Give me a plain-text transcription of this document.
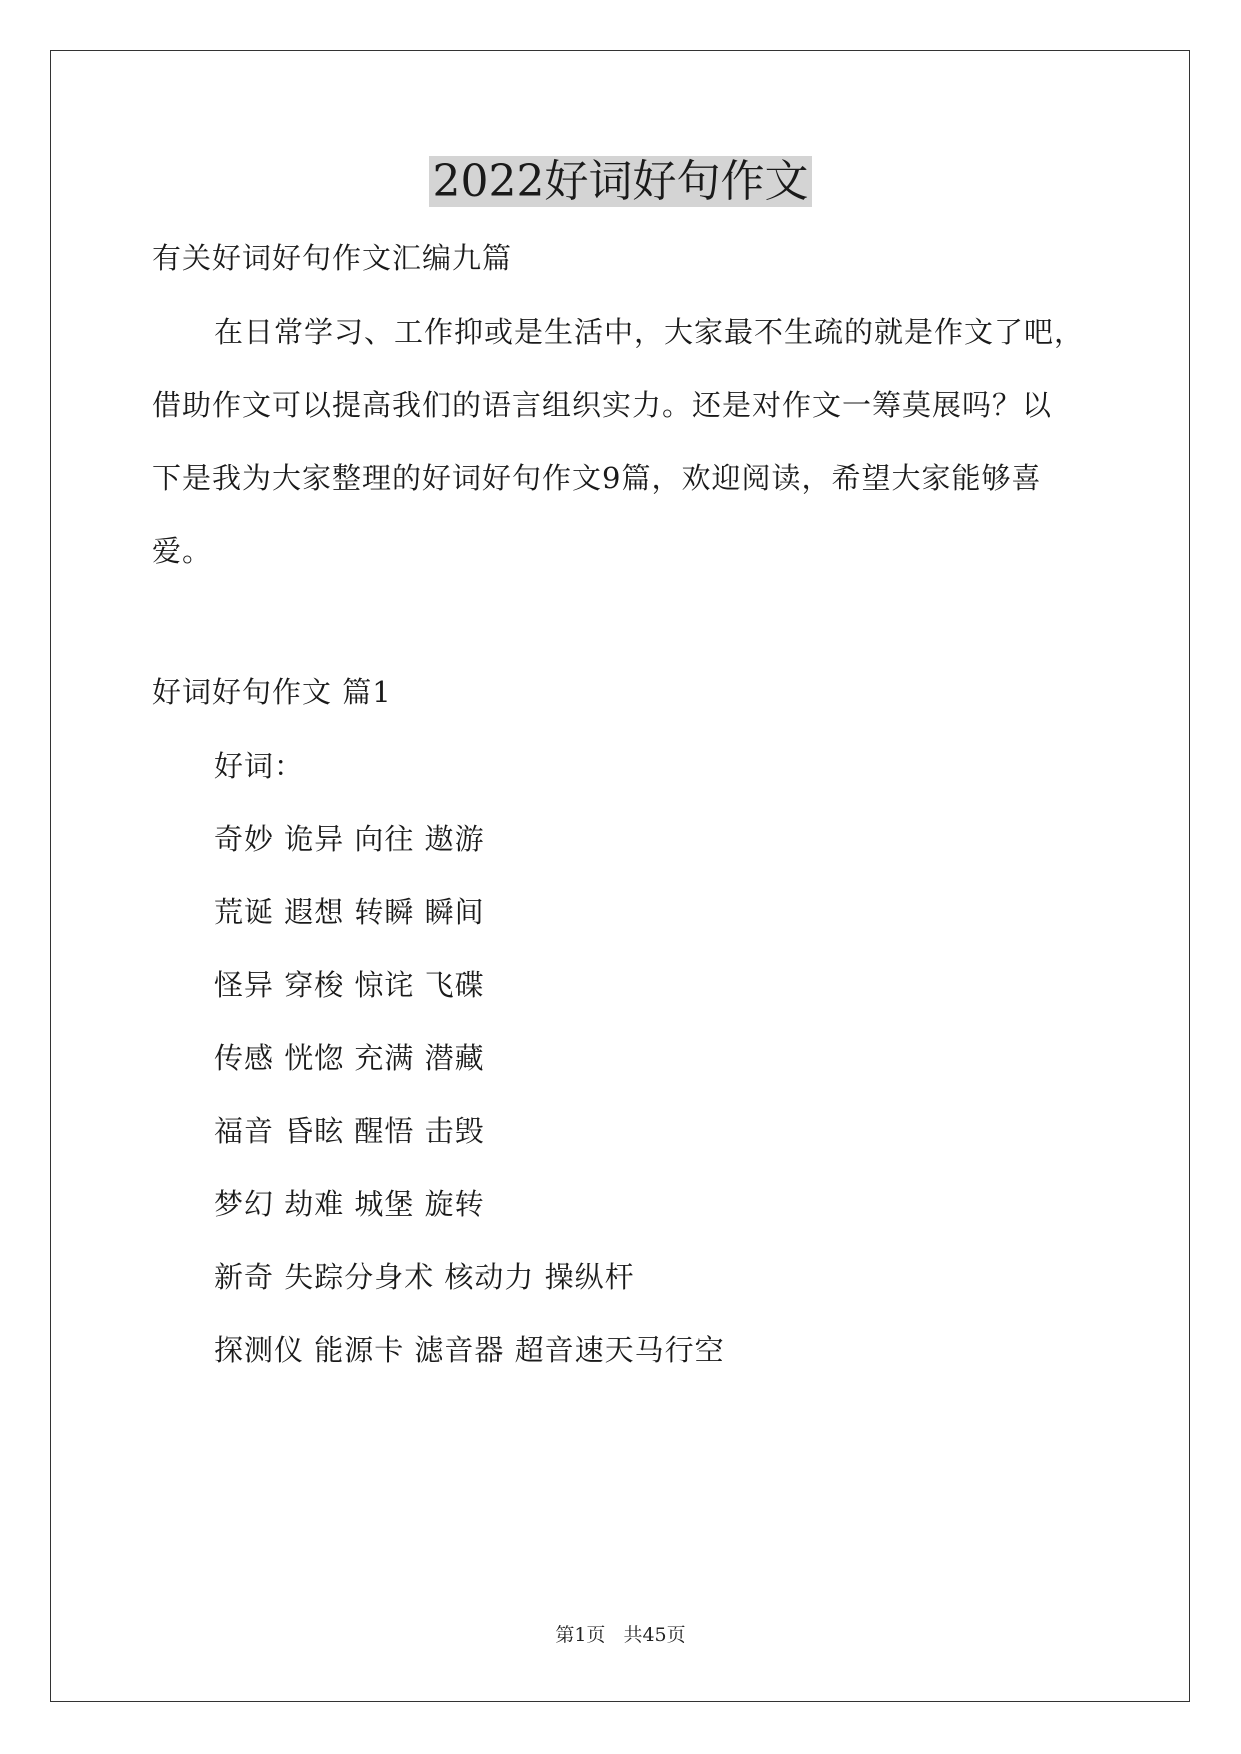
2022好词好句作文
有关好词好句作文汇编九篇
在日常学习、工作抑或是生活中，大家最不生疏的就是作文了吧，
借助作文可以提高我们的语言组织实力。还是对作文一筹莫展吗？以
下是我为大家整理的好词好句作文9篇，欢迎阅读，希望大家能够喜
爱。
好词好句作文 篇1
好词：
奇妙 诡异 向往 遨游
荒诞 遐想 转瞬 瞬间
怪异 穿梭 惊诧 飞碟
传感 恍惚 充满 潜藏
福音 昏眩 醒悟 击毁
梦幻 劫难 城堡 旋转
新奇 失踪分身术 核动力 操纵杆
探测仪 能源卡 滤音器 超音速天马行空
第1页 共45页
